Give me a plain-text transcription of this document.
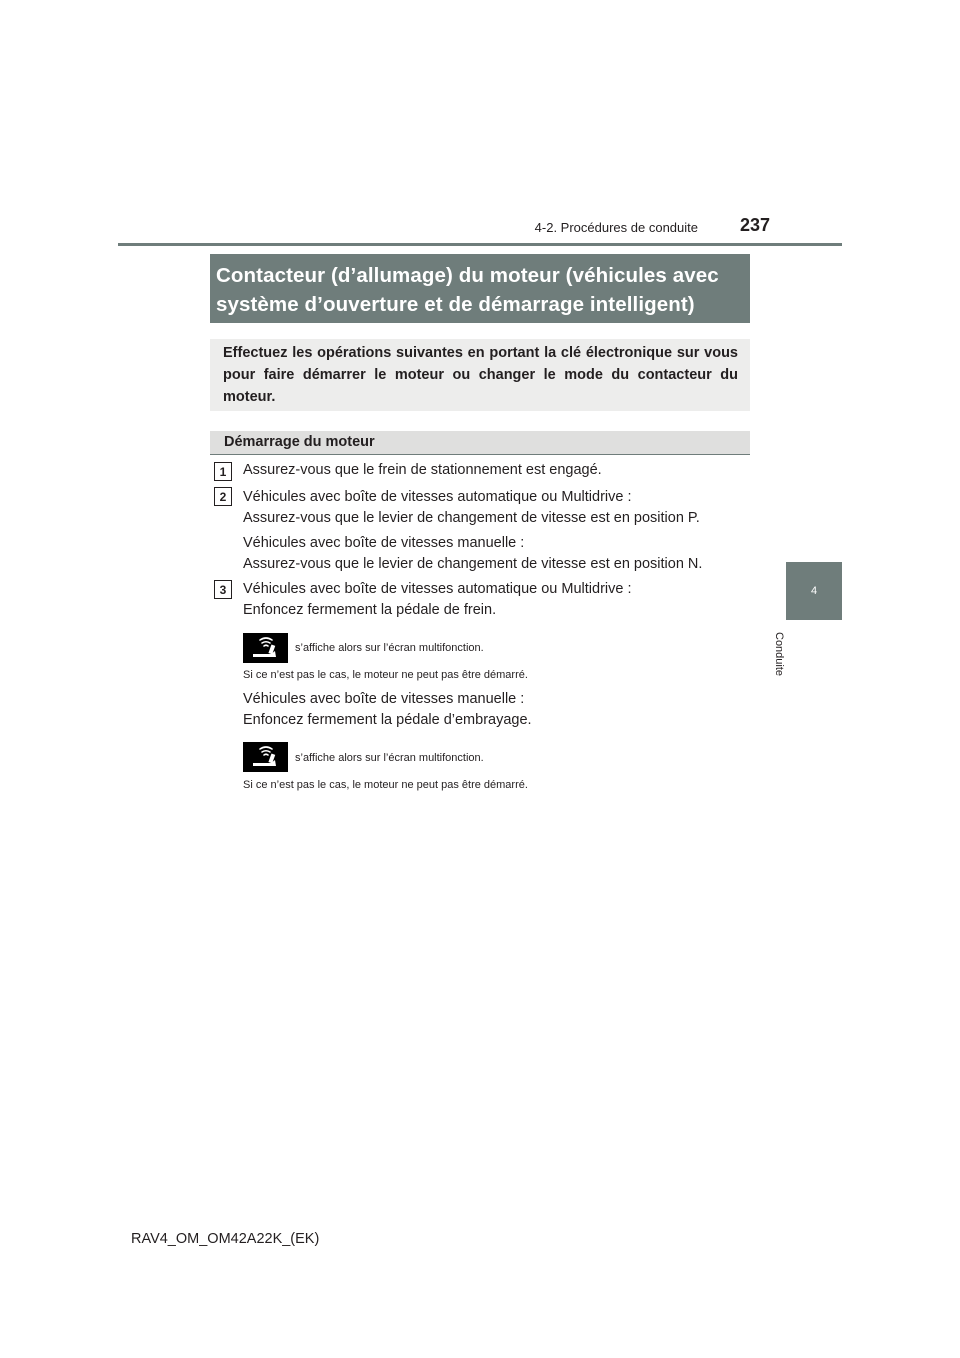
4-2. Procédures de conduite 237
4
Conduite
Contacteur (d’allumage) du moteur (véhicules avec
système d’ouverture et de démarrage intelligent)
Effectuez les opérations suivantes en portant la clé électronique sur vous pour faire démarrer le moteur ou changer le mode du contacteur du moteur.
Démarrage du moteur
1	Assurez-vous que le frein de stationnement est engagé.
2	Véhicules avec boîte de vitesses automatique ou Multidrive :
Assurez-vous que le levier de changement de vitesse est en position P.
Véhicules avec boîte de vitesses manuelle :
Assurez-vous que le levier de changement de vitesse est en position N.
3	Véhicules avec boîte de vitesses automatique ou Multidrive :
Enfoncez fermement la pédale de frein.
s’affiche alors sur l’écran multifonction.
Si ce n’est pas le cas, le moteur ne peut pas être démarré.
Véhicules avec boîte de vitesses manuelle :
Enfoncez fermement la pédale d’embrayage.
s’affiche alors sur l’écran multifonction.
Si ce n’est pas le cas, le moteur ne peut pas être démarré.
RAV4_OM_OM42A22K_(EK)
